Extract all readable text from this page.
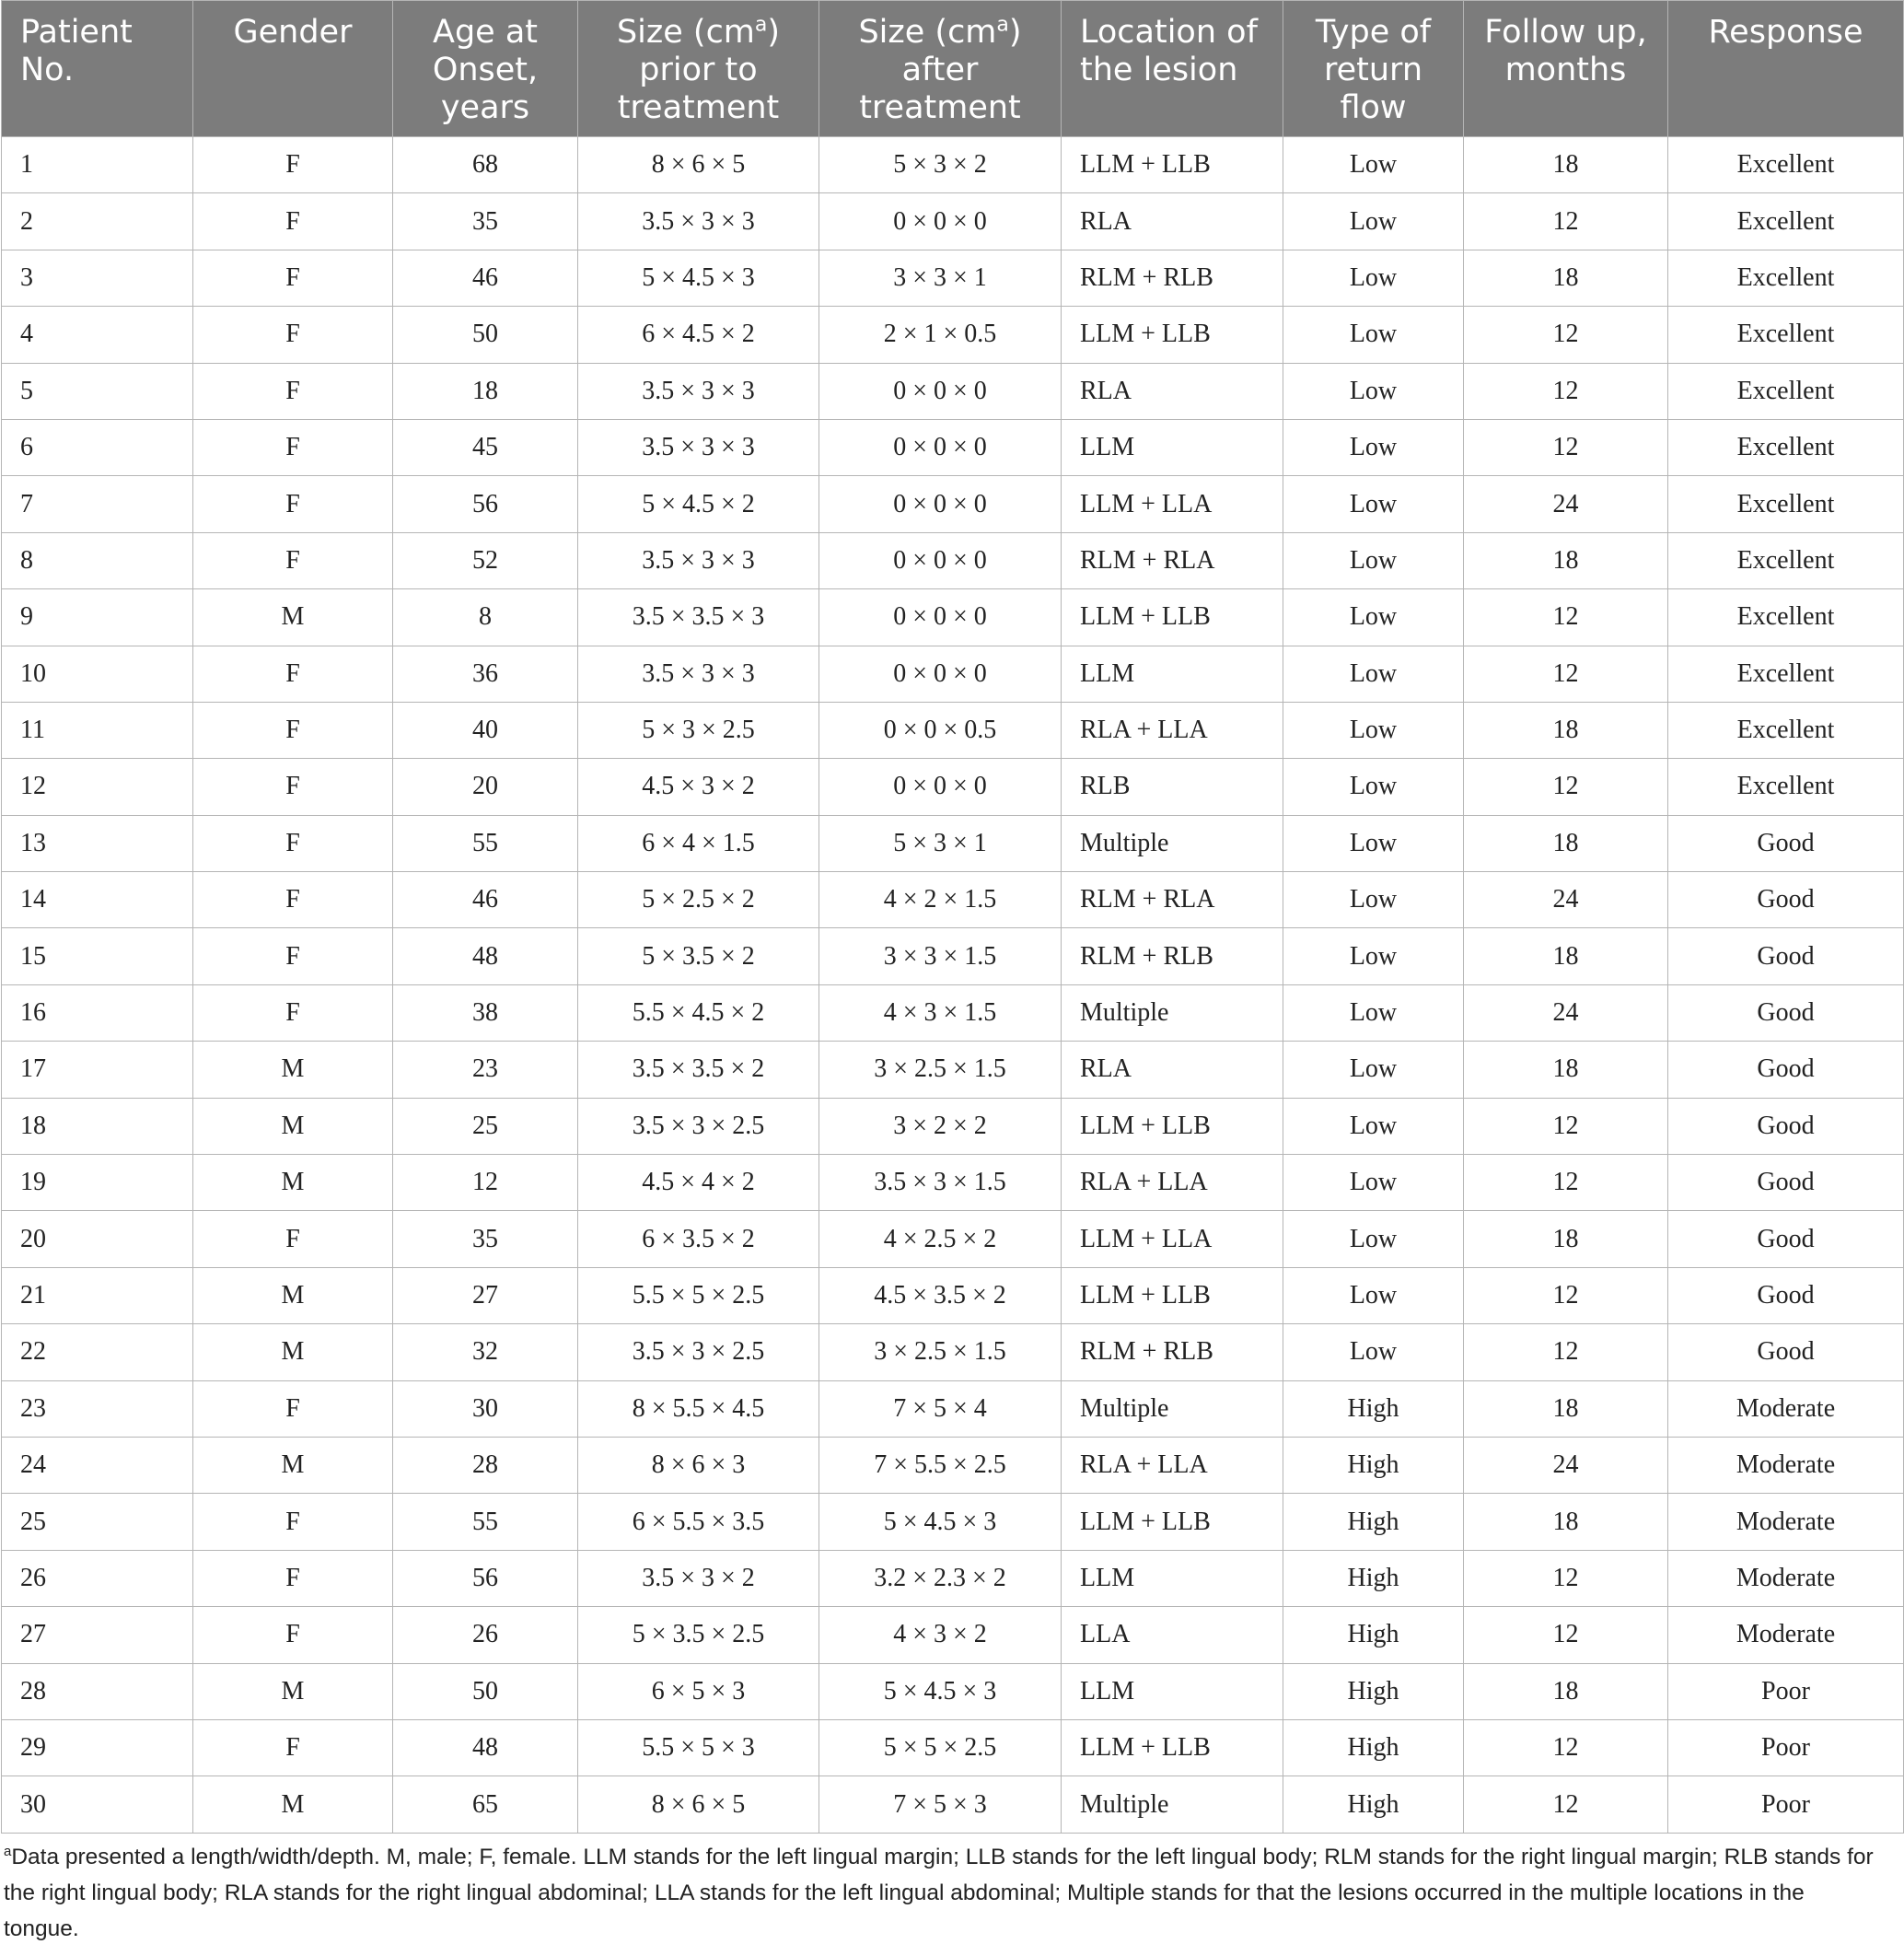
Patient No.	Gender	Age at Onset, years	Size $(cm^a)$ prior to treatment	Size $(cm^a)$ after treatment	Location of the lesion	Type of return flow	Follow up, months	Response
1	F	68	8 × 6 × 5	5 × 3 × 2	LLM + LLB	Low	18	Excellent
2	F	35	3.5 × 3 × 3	0 × 0 × 0	RLA	Low	12	Excellent
3	F	46	5 × 4.5 × 3	3 × 3 × 1	RLM + RLB	Low	18	Excellent
4	F	50	6 × 4.5 × 2	2 × 1 × 0.5	LLM + LLB	Low	12	Excellent
5	F	18	3.5 × 3 × 3	0 × 0 × 0	RLA	Low	12	Excellent
6	F	45	3.5 × 3 × 3	0 × 0 × 0	LLM	Low	12	Excellent
7	F	56	5 × 4.5 × 2	0 × 0 × 0	LLM + LLA	Low	24	Excellent
8	F	52	3.5 × 3 × 3	0 × 0 × 0	RLM + RLA	Low	18	Excellent
9	M	8	3.5 × 3.5 × 3	0 × 0 × 0	LLM + LLB	Low	12	Excellent
10	F	36	3.5 × 3 × 3	0 × 0 × 0	LLM	Low	12	Excellent
11	F	40	5 × 3 × 2.5	0 × 0 × 0.5	RLA + LLA	Low	18	Excellent
12	F	20	4.5 × 3 × 2	0 × 0 × 0	RLB	Low	12	Excellent
13	F	55	6 × 4 × 1.5	5 × 3 × 1	Multiple	Low	18	Good
14	F	46	5 × 2.5 × 2	4 × 2 × 1.5	RLM + RLA	Low	24	Good
15	F	48	5 × 3.5 × 2	3 × 3 × 1.5	RLM + RLB	Low	18	Good
16	F	38	5.5 × 4.5 × 2	4 × 3 × 1.5	Multiple	Low	24	Good
17	M	23	3.5 × 3.5 × 2	3 × 2.5 × 1.5	RLA	Low	18	Good
18	M	25	3.5 × 3 × 2.5	3 × 2 × 2	LLM + LLB	Low	12	Good
19	M	12	4.5 × 4 × 2	3.5 × 3 × 1.5	RLA + LLA	Low	12	Good
20	F	35	6 × 3.5 × 2	4 × 2.5 × 2	LLM + LLA	Low	18	Good
21	M	27	5.5 × 5 × 2.5	4.5 × 3.5 × 2	LLM + LLB	Low	12	Good
22	M	32	3.5 × 3 × 2.5	3 × 2.5 × 1.5	RLM + RLB	Low	12	Good
23	F	30	8 × 5.5 × 4.5	7 × 5 × 4	Multiple	High	18	Moderate
24	M	28	8 × 6 × 3	7 × 5.5 × 2.5	RLA + LLA	High	24	Moderate
25	F	55	6 × 5.5 × 3.5	5 × 4.5 × 3	LLM + LLB	High	18	Moderate
26	F	56	3.5 × 3 × 2	3.2 × 2.3 × 2	LLM	High	12	Moderate
27	F	26	5 × 3.5 × 2.5	4 × 3 × 2	LLA	High	12	Moderate
28	M	50	6 × 5 × 3	5 × 4.5 × 3	LLM	High	18	Poor
29	F	48	5.5 × 5 × 3	5 × 5 × 2.5	LLM + LLB	High	12	Poor
30	M	65	8 × 6 × 5	7 × 5 × 3	Multiple	High	12	Poor
$^a$Data presented a length/width/depth. M, male; F, female. LLM stands for the left lingual margin; LLB stands for the left lingual body; RLM stands for the right lingual margin; RLB stands for the right lingual body; RLA stands for the right lingual abdominal; LLA stands for the left lingual abdominal; Multiple stands for that the lesions occurred in the multiple locations in the tongue.
